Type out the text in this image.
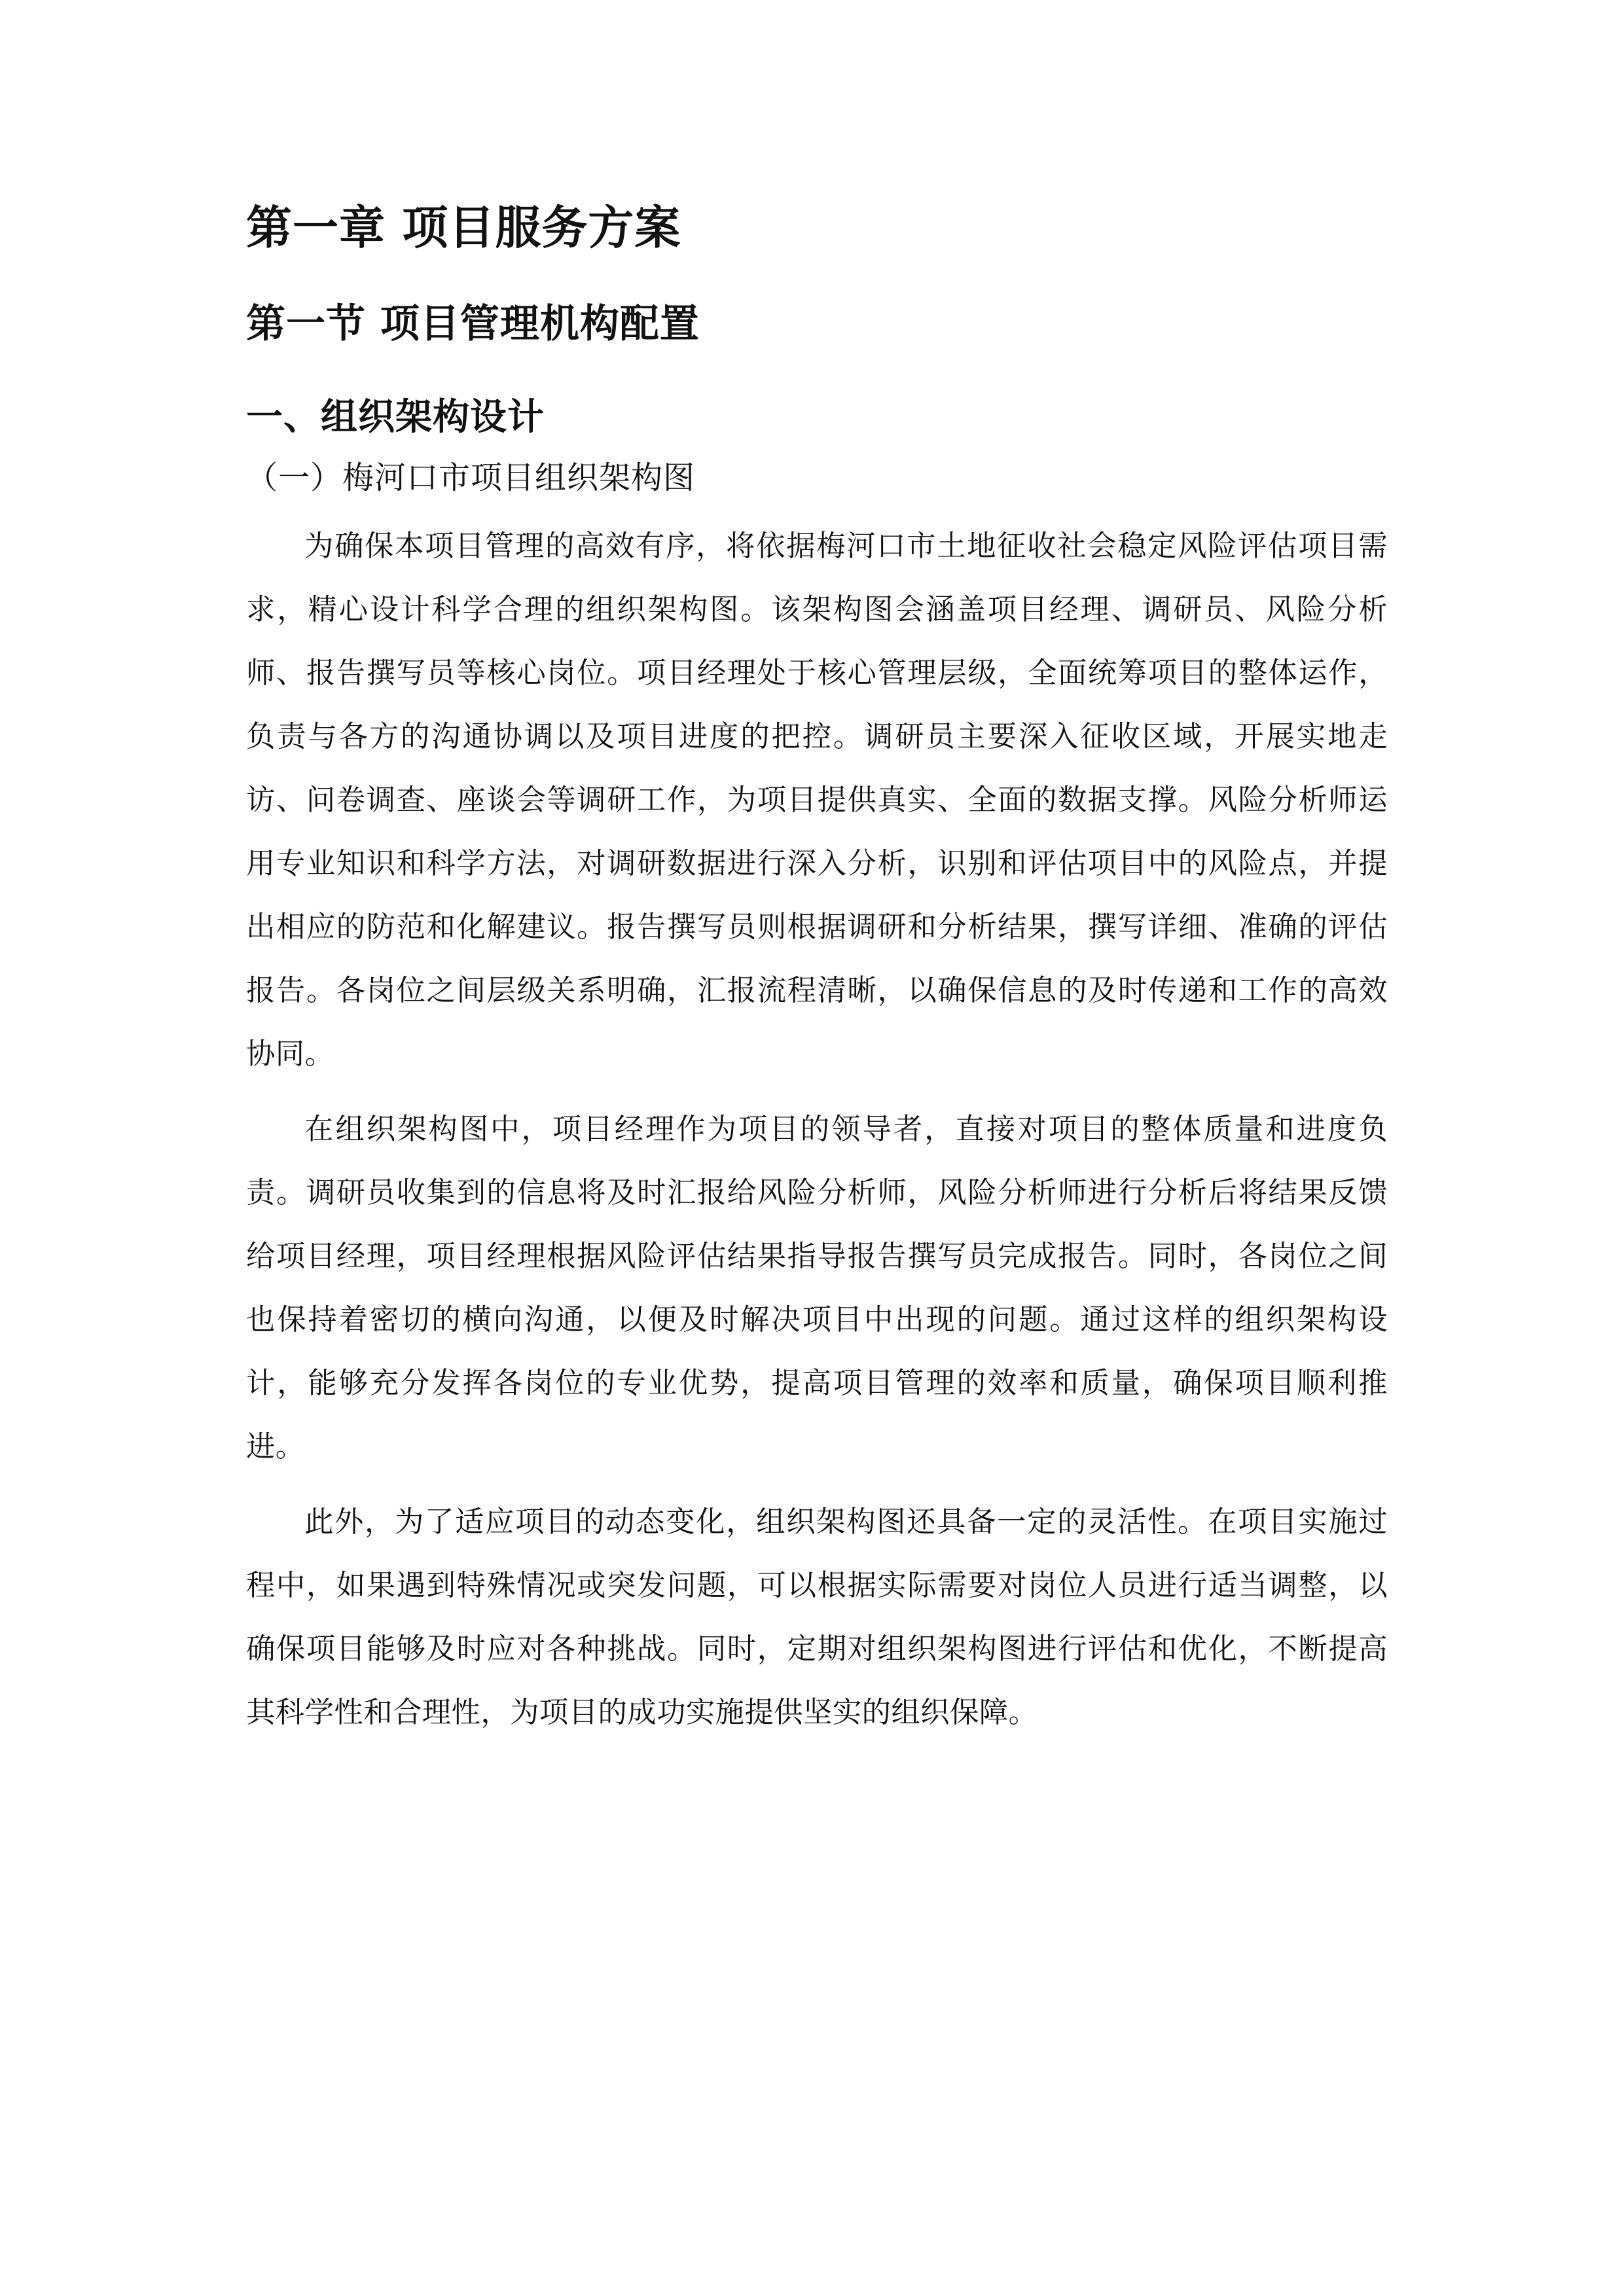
第一章 项目服务方案
第一节 项目管理机构配置
一、组织架构设计
（一）梅河口市项目组织架构图

为确保本项目管理的高效有序，将依据梅河口市土地征收社会稳定风险评估项目需求，精心设计科学合理的组织架构图。该架构图会涵盖项目经理、调研员、风险分析师、报告撰写员等核心岗位。项目经理处于核心管理层级，全面统筹项目的整体运作，负责与各方的沟通协调以及项目进度的把控。调研员主要深入征收区域，开展实地走访、问卷调查、座谈会等调研工作，为项目提供真实、全面的数据支撑。风险分析师运用专业知识和科学方法，对调研数据进行深入分析，识别和评估项目中的风险点，并提出相应的防范和化解建议。报告撰写员则根据调研和分析结果，撰写详细、准确的评估报告。各岗位之间层级关系明确，汇报流程清晰，以确保信息的及时传递和工作的高效协同。

在组织架构图中，项目经理作为项目的领导者，直接对项目的整体质量和进度负责。调研员收集到的信息将及时汇报给风险分析师，风险分析师进行分析后将结果反馈给项目经理，项目经理根据风险评估结果指导报告撰写员完成报告。同时，各岗位之间也保持着密切的横向沟通，以便及时解决项目中出现的问题。通过这样的组织架构设计，能够充分发挥各岗位的专业优势，提高项目管理的效率和质量，确保项目顺利推进。

此外，为了适应项目的动态变化，组织架构图还具备一定的灵活性。在项目实施过程中，如果遇到特殊情况或突发问题，可以根据实际需要对岗位人员进行适当调整，以确保项目能够及时应对各种挑战。同时，定期对组织架构图进行评估和优化，不断提高其科学性和合理性，为项目的成功实施提供坚实的组织保障。
